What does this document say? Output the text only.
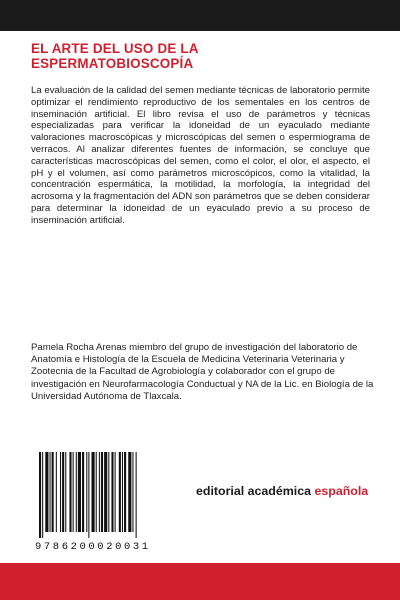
EL ARTE DEL USO DE LA
ESPERMATOBIOSCOPÍA

La evaluación de la calidad del semen mediante técnicas de laboratorio permite optimizar el rendimiento reproductivo de los sementales en los centros de inseminación artificial. El libro revisa el uso de parámetros y técnicas especializadas para verificar la idoneidad de un eyaculado mediante valoraciones macroscópicas y microscópicas del semen o espermiograma de verracos. Al analizar diferentes fuentes de información, se concluye que características macroscópicas del semen, como el color, el olor, el aspecto, el pH y el volumen, así como parámetros microscópicos, como la vitalidad, la concentración espermática, la motilidad, la morfología, la integridad del acrosoma y la fragmentación del ADN son parámetros que se deben considerar para determinar la idoneidad de un eyaculado previo a su proceso de inseminación artificial.

Pamela Rocha Arenas miembro del grupo de investigación del laboratorio de Anatomía e Histología de la Escuela de Medicina Veterinaria Veterinaria y Zootecnia de la Facultad de Agrobiología y colaborador con el grupo de investigación en Neurofarmacología Conductual y NA de la Lic. en Biología de la Universidad Autónoma de Tlaxcala.

9786200020031

editorial académica española
